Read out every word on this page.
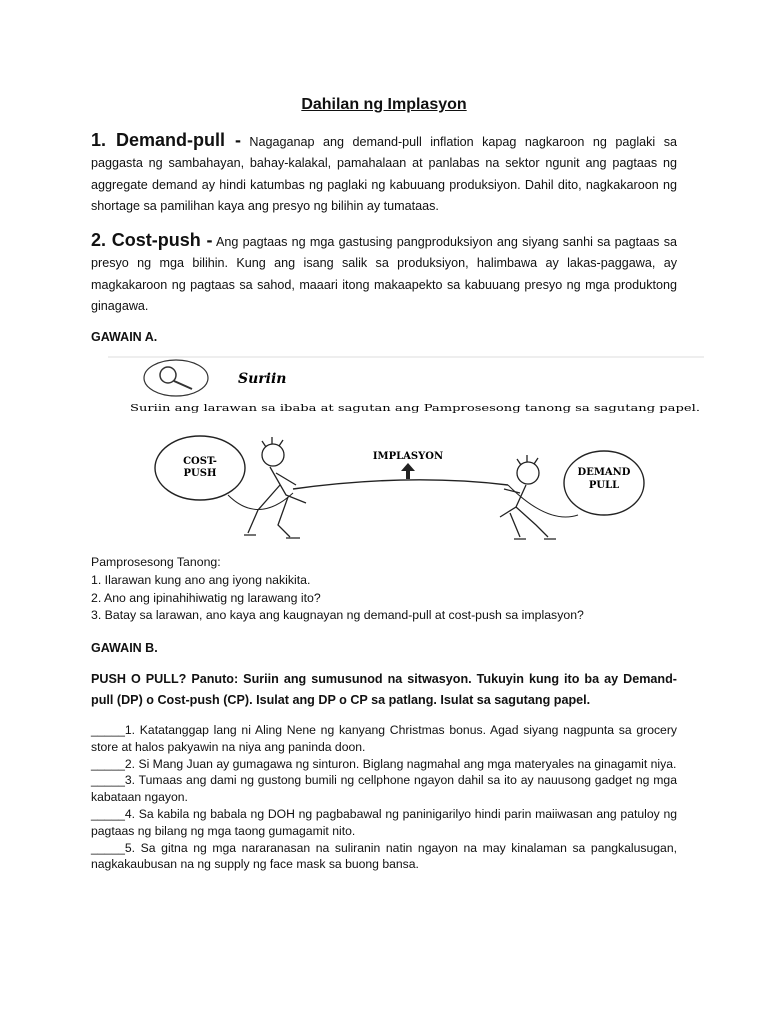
Dahilan ng Implasyon
1. Demand-pull - Nagaganap ang demand-pull inflation kapag nagkaroon ng paglaki sa paggasta ng sambahayan, bahay-kalakal, pamahalaan at panlabas na sektor ngunit ang pagtaas ng aggregate demand ay hindi katumbas ng paglaki ng kabuuang produksiyon. Dahil dito, nagkakaroon ng shortage sa pamilihan kaya ang presyo ng bilihin ay tumataas.
2. Cost-push - Ang pagtaas ng mga gastusing pangproduksiyon ang siyang sanhi sa pagtaas sa presyo ng mga bilihin. Kung ang isang salik sa produksiyon, halimbawa ay lakas-paggawa, ay magkakaroon ng pagtaas sa sahod, maaari itong makaapekto sa kabuuang presyo ng mga produktong ginagawa.
GAWAIN A.
Suriin
Suriin ang larawan sa ibaba at sagutan ang Pamprosesong tanong sa sagutang papel.
COST-
PUSH	DEMAND
PULL
IMPLASYON
Pamprosesong Tanong:
1. Ilarawan kung ano ang iyong nakikita.
2. Ano ang ipinahihiwatig ng larawang ito?
3. Batay sa larawan, ano kaya ang kaugnayan ng demand-pull at cost-push sa implasyon?
GAWAIN B.
PUSH O PULL? Panuto: Suriin ang sumusunod na sitwasyon. Tukuyin kung ito ba ay Demand-pull (DP) o Cost-push (CP). Isulat ang DP o CP sa patlang. Isulat sa sagutang papel.

_____1. Katatanggap lang ni Aling Nene ng kanyang Christmas bonus. Agad siyang nagpunta sa grocery store at halos pakyawin na niya ang paninda doon.

_____2. Si Mang Juan ay gumagawa ng sinturon. Biglang nagmahal ang mga materyales na ginagamit niya.

_____3. Tumaas ang dami ng gustong bumili ng cellphone ngayon dahil sa ito ay nauusong gadget ng mga kabataan ngayon.

_____4. Sa kabila ng babala ng DOH ng pagbabawal ng paninigarilyo hindi parin maiiwasan ang patuloy ng pagtaas ng bilang ng mga taong gumagamit nito.

_____5. Sa gitna ng mga nararanasan na suliranin natin ngayon na may kinalaman sa pangkalusugan, nagkakaubusan na ng supply ng face mask sa buong bansa.
